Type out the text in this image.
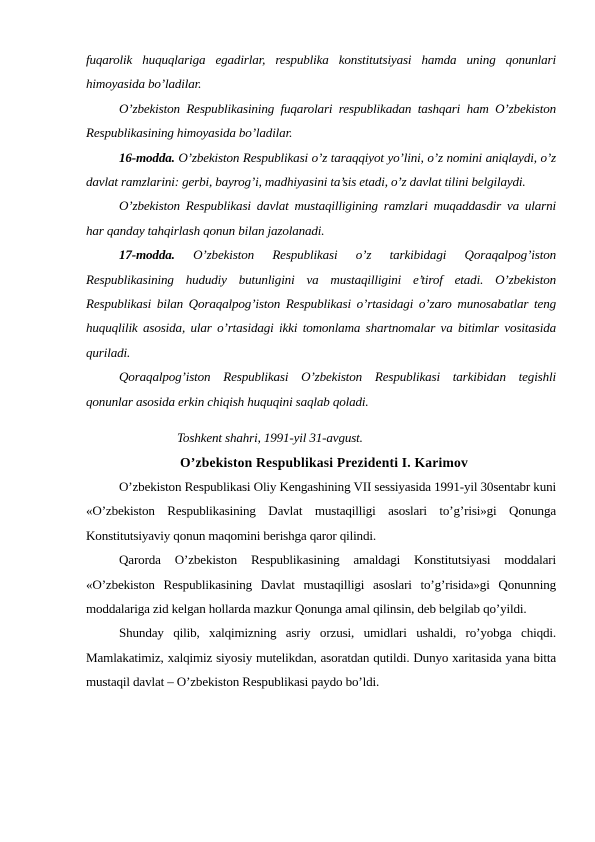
fuqarolik huquqlariga egadirlar, respublika konstitutsiyasi hamda uning qonunlari himoyasida bo’ladilar.

O’zbekiston Respublikasining fuqarolari respublikadan tashqari ham O’zbekiston Respublikasining himoyasida bo’ladilar.

16-modda. O’zbekiston Respublikasi o’z taraqqiyot yo’lini, o’z nomini aniqlaydi, o’z davlat ramzlarini: gerbi, bayrog’i, madhiyasini ta’sis etadi, o’z davlat tilini belgilaydi.

O’zbekiston Respublikasi davlat mustaqilligining ramzlari muqaddasdir va ularni har qanday tahqirlash qonun bilan jazolanadi.

17-modda. O’zbekiston Respublikasi o’z tarkibidagi Qoraqalpog’iston Respublikasining hududiy butunligini va mustaqilligini e’tirof etadi. O’zbekiston Respublikasi bilan Qoraqalpog’iston Respublikasi o’rtasidagi o’zaro munosabatlar teng huquqlilik asosida, ular o’rtasidagi ikki tomonlama shartnomalar va bitimlar vositasida quriladi.

Qoraqalpog’iston Respublikasi O’zbekiston Respublikasi tarkibidan tegishli qonunlar asosida erkin chiqish huquqini saqlab qoladi.

Toshkent shahri, 1991-yil 31-avgust.

O’zbekiston Respublikasi Prezidenti I. Karimov

O’zbekiston Respublikasi Oliy Kengashining VII sessiyasida 1991-yil 30sentabr kuni «O’zbekiston Respublikasining Davlat mustaqilligi asoslari to’g’risi»gi Qonunga Konstitutsiyaviy qonun maqomini berishga qaror qilindi.

Qarorda O’zbekiston Respublikasining amaldagi Konstitutsiyasi moddalari «O’zbekiston Respublikasining Davlat mustaqilligi asoslari to’g’risida»gi Qonunning moddalariga zid kelgan hollarda mazkur Qonunga amal qilinsin, deb belgilab qo’yildi.

Shunday qilib, xalqimizning asriy orzusi, umidlari ushaldi, ro’yobga chiqdi. Mamlakatimiz, xalqimiz siyosiy mutelikdan, asoratdan qutildi. Dunyo xaritasida yana bitta mustaqil davlat – O’zbekiston Respublikasi paydo bo’ldi.
